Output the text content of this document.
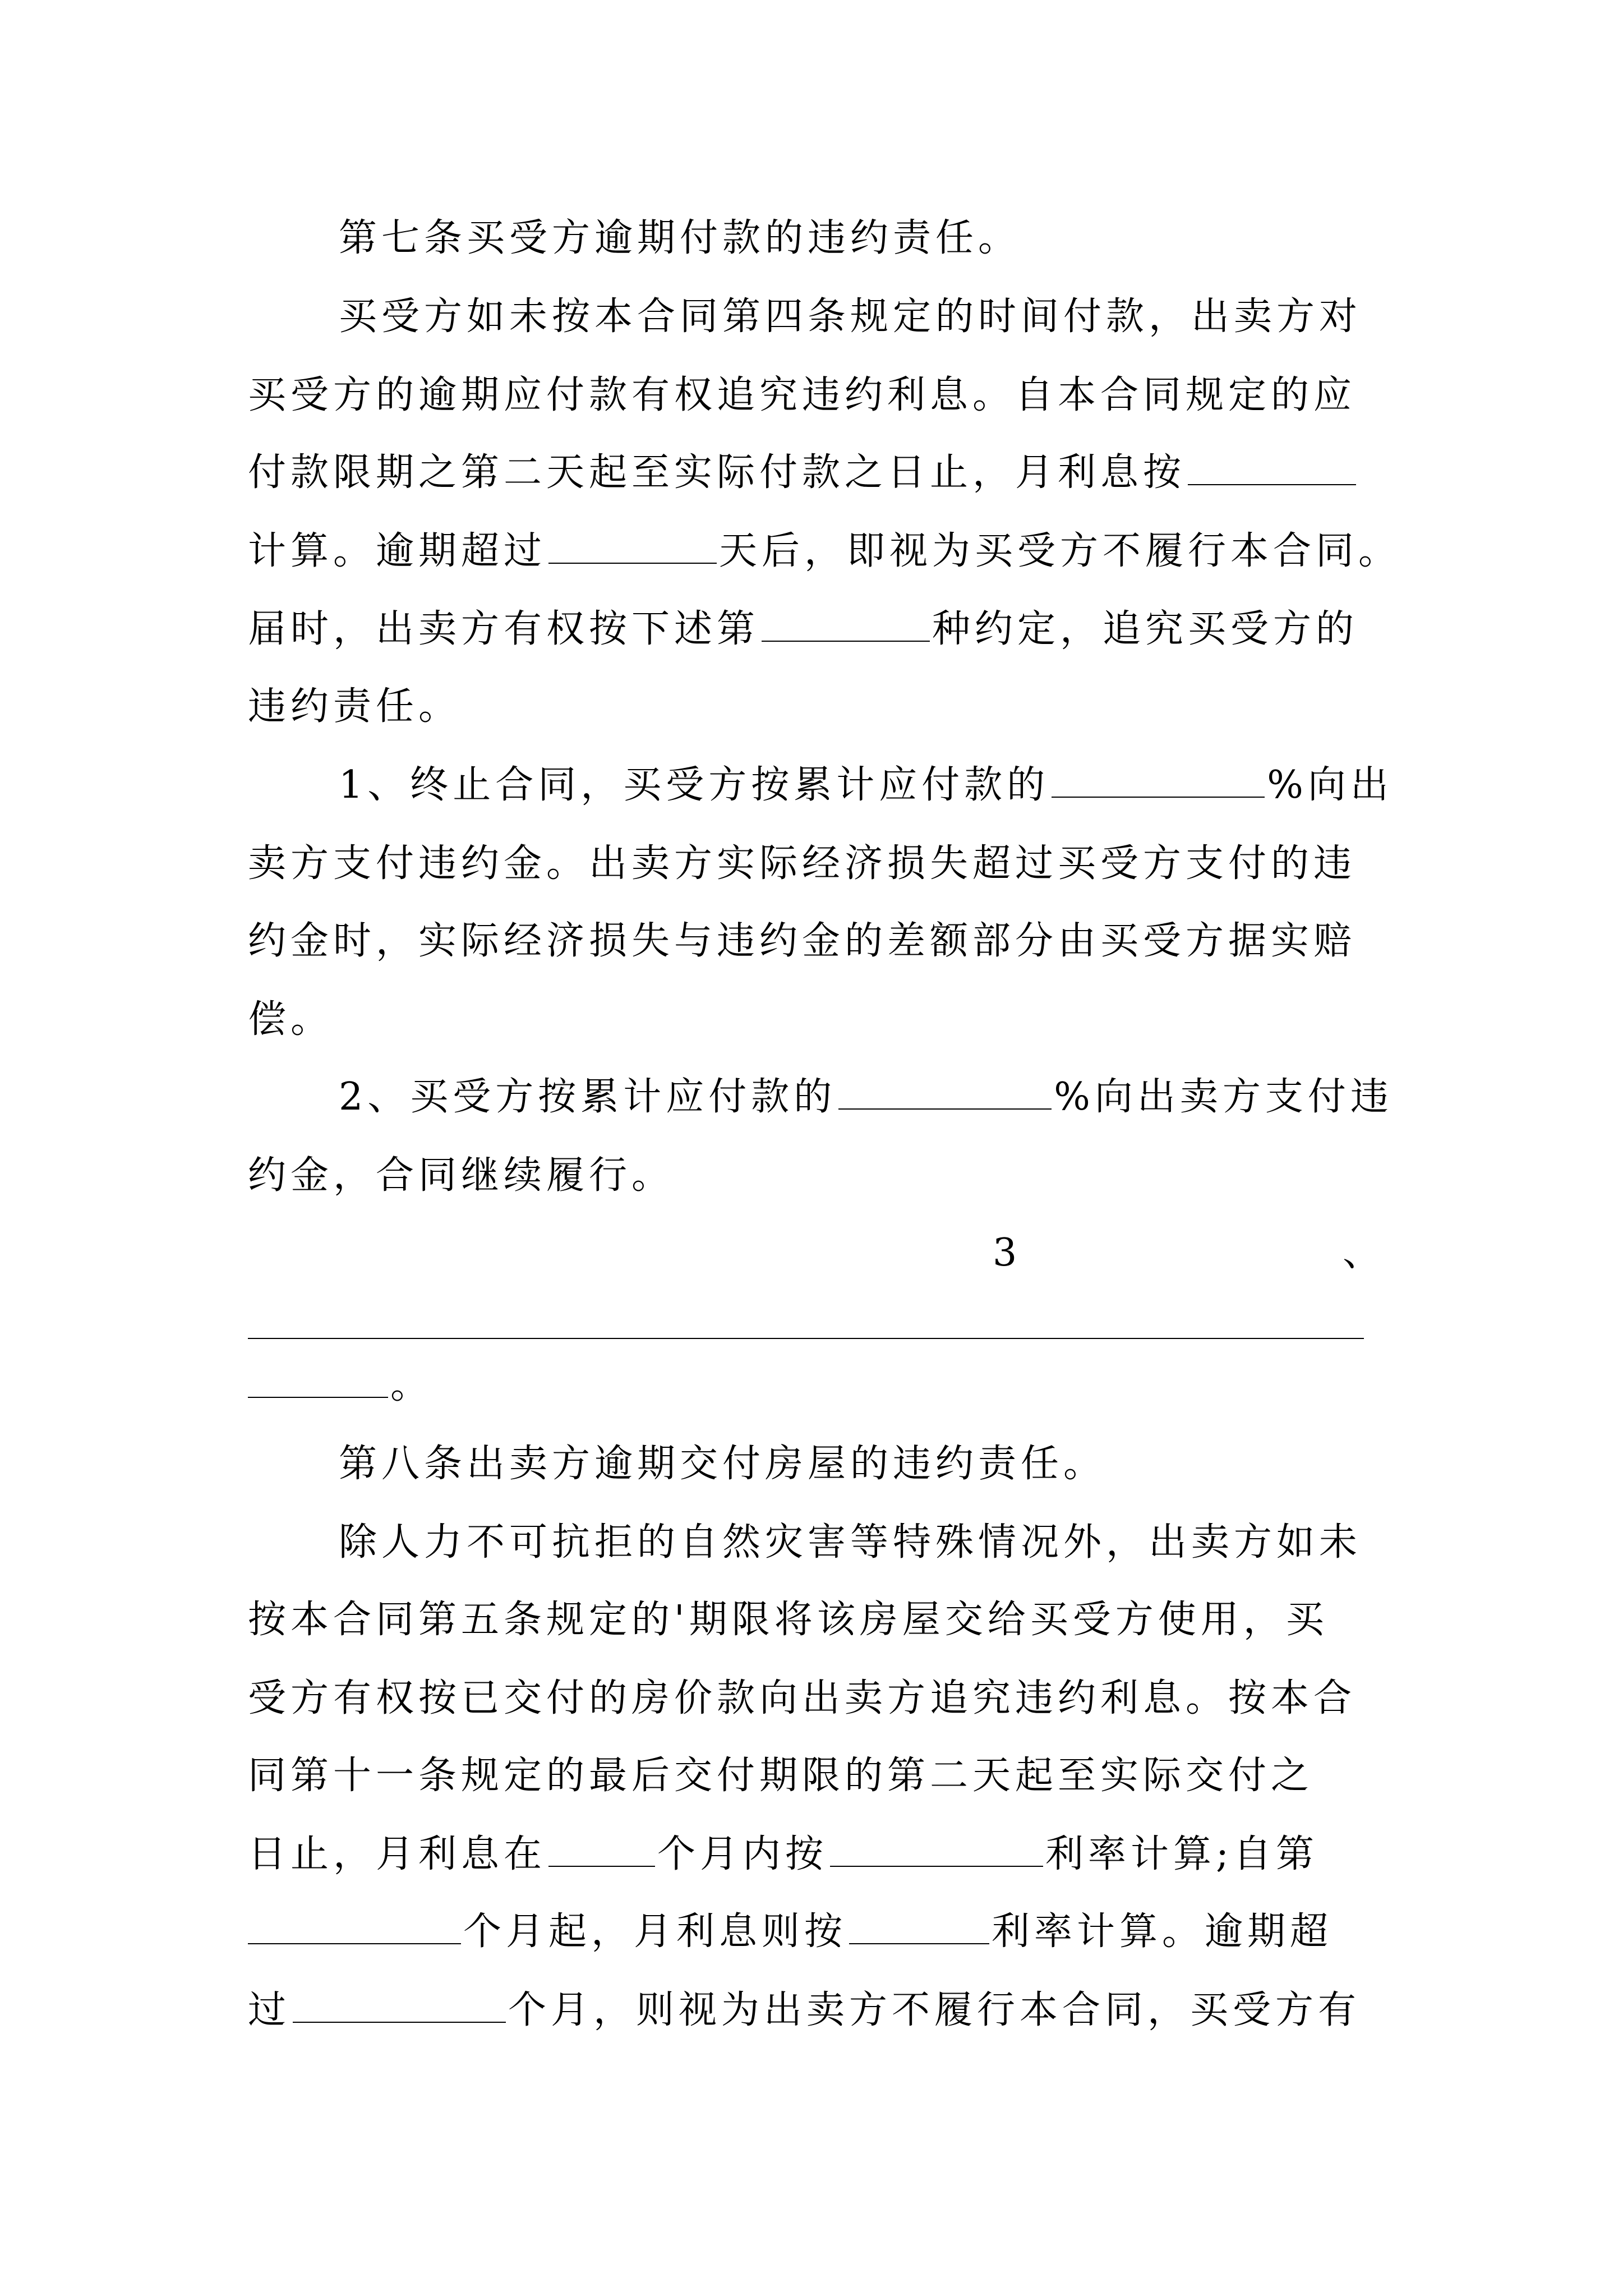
第七条买受方逾期付款的违约责任。
买受方如未按本合同第四条规定的时间付款，出卖方对
买受方的逾期应付款有权追究违约利息。自本合同规定的应
付款限期之第二天起至实际付款之日止，月利息按
计算。逾期超过	天后，即视为买受方不履行本合同。
届时，出卖方有权按下述第	种约定，追究买受方的
违约责任。
1、终止合同，买受方按累计应付款的	%向出
卖方支付违约金。出卖方实际经济损失超过买受方支付的违
约金时，实际经济损失与违约金的差额部分由买受方据实赔
偿。
2、买受方按累计应付款的	%向出卖方支付违
约金，合同继续履行。
3	、
。
第八条出卖方逾期交付房屋的违约责任。
除人力不可抗拒的自然灾害等特殊情况外，出卖方如未
按本合同第五条规定的'期限将该房屋交给买受方使用，买
受方有权按已交付的房价款向出卖方追究违约利息。按本合
同第十一条规定的最后交付期限的第二天起至实际交付之
日止，月利息在	个月内按	利率计算;自第
个月起，月利息则按	利率计算。逾期超
过	个月，则视为出卖方不履行本合同，买受方有
